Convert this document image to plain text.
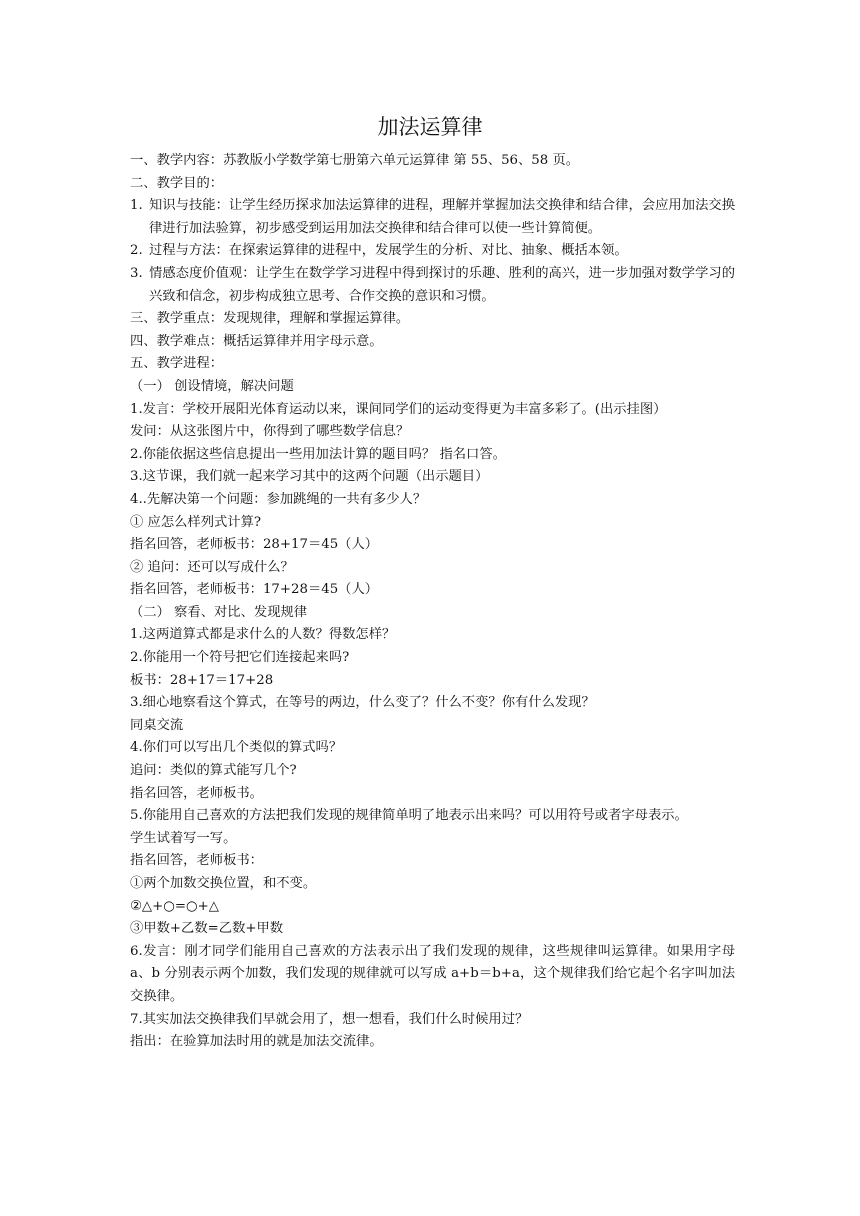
加法运算律
一、教学内容：苏教版小学数学第七册第六单元运算律 第 55、56、58 页。
二、教学目的：
1. 知识与技能：让学生经历探求加法运算律的进程，理解并掌握加法交换律和结合律，会应用加法交换律进行加法验算，初步感受到运用加法交换律和结合律可以使一些计算简便。
2. 过程与方法：在探索运算律的进程中，发展学生的分析、对比、抽象、概括本领。
3. 情感态度价值观：让学生在数学学习进程中得到探讨的乐趣、胜利的高兴，进一步加强对数学学习的兴致和信念，初步构成独立思考、合作交换的意识和习惯。
三、教学重点：发现规律，理解和掌握运算律。
四、教学难点：概括运算律并用字母示意。
五、教学进程：
（一） 创设情境，解决问题
1.发言：学校开展阳光体育运动以来，课间同学们的运动变得更为丰富多彩了。(出示挂图）
发问：从这张图片中，你得到了哪些数学信息？
2.你能依据这些信息提出一些用加法计算的题目吗？ 指名口答。
3.这节课，我们就一起来学习其中的这两个问题（出示题目）
4..先解决第一个问题：参加跳绳的一共有多少人？
① 应怎么样列式计算?
指名回答，老师板书：28+17＝45（人）
② 追问：还可以写成什么？
指名回答，老师板书：17+28＝45（人）
（二） 察看、对比、发现规律
1.这两道算式都是求什么的人数？得数怎样？
2.你能用一个符号把它们连接起来吗?
板书：28+17＝17+28
3.细心地察看这个算式，在等号的两边，什么变了？什么不变？你有什么发现？
同桌交流
4.你们可以写出几个类似的算式吗？
追问：类似的算式能写几个?
指名回答，老师板书。
5.你能用自己喜欢的方法把我们发现的规律简单明了地表示出来吗？可以用符号或者字母表示。
学生试着写一写。
指名回答，老师板书：
①两个加数交换位置，和不变。
②△+○=○+△
③甲数+乙数=乙数+甲数
6.发言：刚才同学们能用自己喜欢的方法表示出了我们发现的规律，这些规律叫运算律。如果用字母 a、b 分别表示两个加数，我们发现的规律就可以写成 a+b＝b+a，这个规律我们给它起个名字叫加法交换律。
7.其实加法交换律我们早就会用了，想一想看，我们什么时候用过？
指出：在验算加法时用的就是加法交流律。
